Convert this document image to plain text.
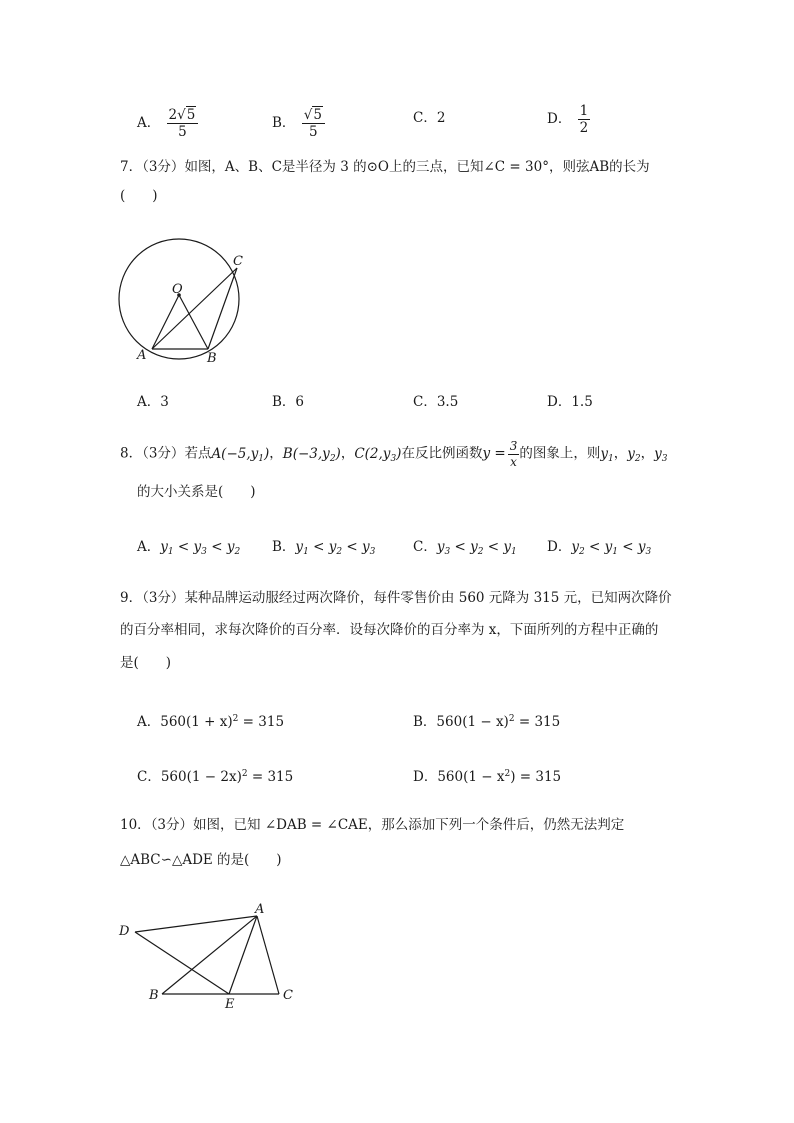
A． $\frac{2√5}{5}$	B． $\frac{√5}{5}$	C．2	D． $\frac{1}{2}$
7．（3分）如图，A、B、C是半径为 3 的⊙O上的三点，已知∠C = 30°，则弦AB的长为
(　　)
O
A	B
C
A．3	B．6	C．3.5	D．1.5
8．（3分）若点$A(-5,y_1)$，$B(-3,y_2)$，$C(2,y_3)$在反比例函数$y = \frac{3}{x}$ 的图象上，则$y_1$，$y_2$，$y_3$
的大小关系是(　　)
A．$y_1 < y_3 < y_2$ B．$y_1 < y_2 < y_3$	C．$y_3 < y_2 < y_1$ D．$y_2 < y_1 < y_3$
9．（3分）某种品牌运动服经过两次降价，每件零售价由 560 元降为 315 元，已知两次降价
的百分率相同，求每次降价的百分率．设每次降价的百分率为 x，下面所列的方程中正确的
是(　　)
A．$560(1 + x)^2 = 315$	B．$560(1 - x)^2 = 315$
C．$560(1 - 2x)^2 = 315$	D．$560(1 - x^2) = 315$
10．（3分）如图，已知 ∠DAB = ∠CAE，那么添加下列一个条件后，仍然无法判定
△ABC∽△ADE 的是(　　)
A
B	C
D
E
